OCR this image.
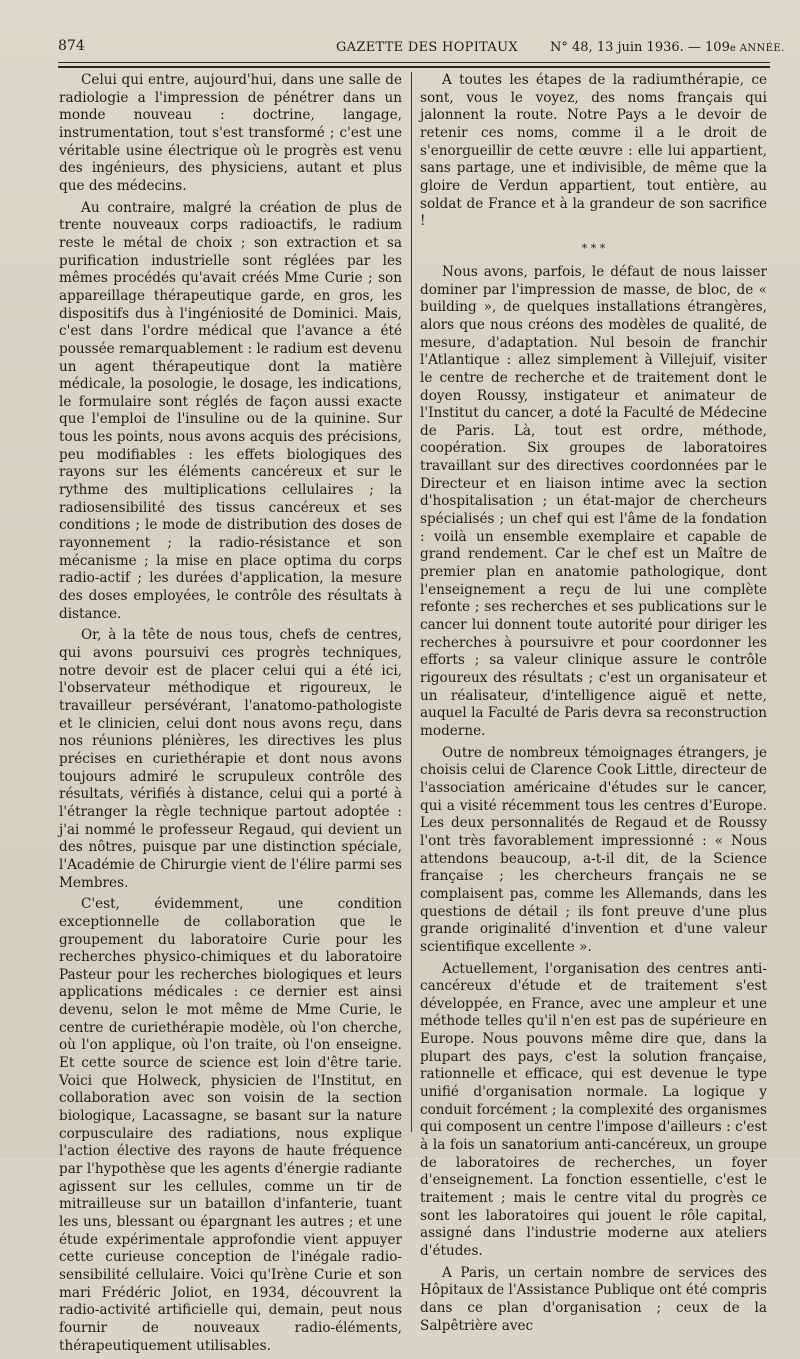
874	GAZETTE DES HOPITAUX N° 48, 13 juin 1936. — 109e ANNÉE.

Celui qui entre, aujourd'hui, dans une salle de radiologie a l'impression de pénétrer dans un monde nouveau : doctrine, langage, instrumentation, tout s'est transformé ; c'est une véritable usine électrique où le progrès est venu des ingénieurs, des physiciens, autant et plus que des médecins.

Au contraire, malgré la création de plus de trente nouveaux corps radioactifs, le radium reste le métal de choix ; son extraction et sa purification industrielle sont réglées par les mêmes procédés qu'avait créés Mme Curie ; son appareillage thérapeutique garde, en gros, les dispositifs dus à l'ingéniosité de Dominici. Mais, c'est dans l'ordre médical que l'avance a été poussée remarquablement : le radium est devenu un agent thérapeutique dont la matière médicale, la posologie, le dosage, les indications, le formulaire sont réglés de façon aussi exacte que l'emploi de l'insuline ou de la quinine. Sur tous les points, nous avons acquis des précisions, peu modifiables : les effets biologiques des rayons sur les éléments cancéreux et sur le rythme des multiplications cellulaires ; la radiosensibilité des tissus cancéreux et ses conditions ; le mode de distribution des doses de rayonnement ; la radio-résistance et son mécanisme ; la mise en place optima du corps radio-actif ; les durées d'application, la mesure des doses employées, le contrôle des résultats à distance.

Or, à la tête de nous tous, chefs de centres, qui avons poursuivi ces progrès techniques, notre devoir est de placer celui qui a été ici, l'observateur méthodique et rigoureux, le travailleur persévérant, l'anatomo-pathologiste et le clinicien, celui dont nous avons reçu, dans nos réunions plénières, les directives les plus précises en curiethérapie et dont nous avons toujours admiré le scrupuleux contrôle des résultats, vérifiés à distance, celui qui a porté à l'étranger la règle technique partout adoptée : j'ai nommé le professeur Regaud, qui devient un des nôtres, puisque par une distinction spéciale, l'Académie de Chirurgie vient de l'élire parmi ses Membres.

C'est, évidemment, une condition exceptionnelle de collaboration que le groupement du laboratoire Curie pour les recherches physico-chimiques et du laboratoire Pasteur pour les recherches biologiques et leurs applications médicales : ce dernier est ainsi devenu, selon le mot même de Mme Curie, le centre de curiethérapie modèle, où l'on cherche, où l'on applique, où l'on traite, où l'on enseigne. Et cette source de science est loin d'être tarie. Voici que Holweck, physicien de l'Institut, en collaboration avec son voisin de la section biologique, Lacassagne, se basant sur la nature corpusculaire des radiations, nous explique l'action élective des rayons de haute fréquence par l'hypothèse que les agents d'énergie radiante agissent sur les cellules, comme un tir de mitrailleuse sur un bataillon d'infanterie, tuant les uns, blessant ou épargnant les autres ; et une étude expérimentale approfondie vient appuyer cette curieuse conception de l'inégale radio-sensibilité cellulaire. Voici qu'Irène Curie et son mari Frédéric Joliot, en 1934, découvrent la radio-activité artificielle qui, demain, peut nous fournir de nouveaux radio-éléments, thérapeutiquement utilisables.

A toutes les étapes de la radiumthérapie, ce sont, vous le voyez, des noms français qui jalonnent la route. Notre Pays a le devoir de retenir ces noms, comme il a le droit de s'enorgueillir de cette œuvre : elle lui appartient, sans partage, une et indivisible, de même que la gloire de Verdun appartient, tout entière, au soldat de France et à la grandeur de son sacrifice !

* * *

Nous avons, parfois, le défaut de nous laisser dominer par l'impression de masse, de bloc, de « building », de quelques installations étrangères, alors que nous créons des modèles de qualité, de mesure, d'adaptation. Nul besoin de franchir l'Atlantique : allez simplement à Villejuif, visiter le centre de recherche et de traitement dont le doyen Roussy, instigateur et animateur de l'Institut du cancer, a doté la Faculté de Médecine de Paris. Là, tout est ordre, méthode, coopération. Six groupes de laboratoires travaillant sur des directives coordonnées par le Directeur et en liaison intime avec la section d'hospitalisation ; un état-major de chercheurs spécialisés ; un chef qui est l'âme de la fondation : voilà un ensemble exemplaire et capable de grand rendement. Car le chef est un Maître de premier plan en anatomie pathologique, dont l'enseignement a reçu de lui une complète refonte ; ses recherches et ses publications sur le cancer lui donnent toute autorité pour diriger les recherches à poursuivre et pour coordonner les efforts ; sa valeur clinique assure le contrôle rigoureux des résultats ; c'est un organisateur et un réalisateur, d'intelligence aiguë et nette, auquel la Faculté de Paris devra sa reconstruction moderne.

Outre de nombreux témoignages étrangers, je choisis celui de Clarence Cook Little, directeur de l'association américaine d'études sur le cancer, qui a visité récemment tous les centres d'Europe. Les deux personnalités de Regaud et de Roussy l'ont très favorablement impressionné : « Nous attendons beaucoup, a-t-il dit, de la Science française ; les chercheurs français ne se complaisent pas, comme les Allemands, dans les questions de détail ; ils font preuve d'une plus grande originalité d'invention et d'une valeur scientifique excellente ».

Actuellement, l'organisation des centres anti-cancéreux d'étude et de traitement s'est développée, en France, avec une ampleur et une méthode telles qu'il n'en est pas de supérieure en Europe. Nous pouvons même dire que, dans la plupart des pays, c'est la solution française, rationnelle et efficace, qui est devenue le type unifié d'organisation normale. La logique y conduit forcément ; la complexité des organismes qui composent un centre l'impose d'ailleurs : c'est à la fois un sanatorium anti-cancéreux, un groupe de laboratoires de recherches, un foyer d'enseignement. La fonction essentielle, c'est le traitement ; mais le centre vital du progrès ce sont les laboratoires qui jouent le rôle capital, assigné dans l'industrie moderne aux ateliers d'études.

A Paris, un certain nombre de services des Hôpitaux de l'Assistance Publique ont été compris dans ce plan d'organisation ; ceux de la Salpêtrière avec
